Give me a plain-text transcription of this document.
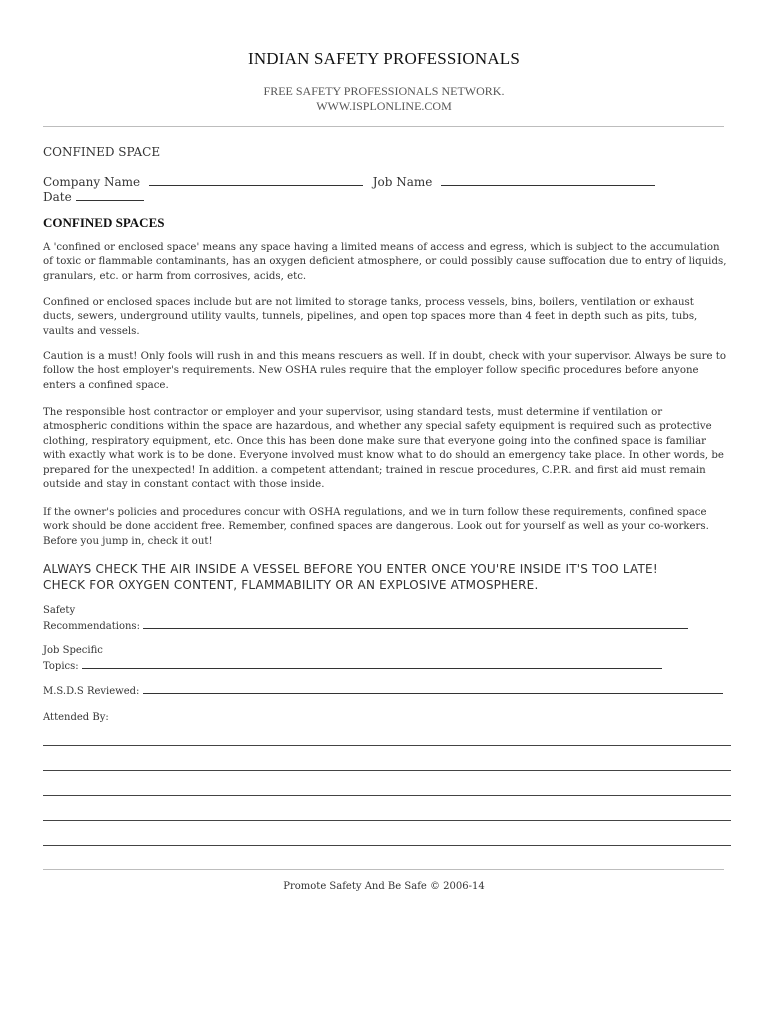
INDIAN SAFETY PROFESSIONALS
FREE SAFETY PROFESSIONALS NETWORK.
WWW.ISPLONLINE.COM
CONFINED SPACE
Company Name	Job Name
Date
CONFINED SPACES
A 'confined or enclosed space' means any space having a limited means of access and egress, which is subject to the accumulation of toxic or flammable contaminants, has an oxygen deficient atmosphere, or could possibly cause suffocation due to entry of liquids, granulars, etc. or harm from corrosives, acids, etc.
Confined or enclosed spaces include but are not limited to storage tanks, process vessels, bins, boilers, ventilation or exhaust ducts, sewers, underground utility vaults, tunnels, pipelines, and open top spaces more than 4 feet in depth such as pits, tubs, vaults and vessels.
Caution is a must! Only fools will rush in and this means rescuers as well. If in doubt, check with your supervisor. Always be sure to follow the host employer's requirements. New OSHA rules require that the employer follow specific procedures before anyone enters a confined space.
The responsible host contractor or employer and your supervisor, using standard tests, must determine if ventilation or atmospheric conditions within the space are hazardous, and whether any special safety equipment is required such as protective clothing, respiratory equipment, etc. Once this has been done make sure that everyone going into the confined space is familiar with exactly what work is to be done. Everyone involved must know what to do should an emergency take place. In other words, be prepared for the unexpected! In addition. a competent attendant; trained in rescue procedures, C.P.R. and first aid must remain outside and stay in constant contact with those inside.
If the owner's policies and procedures concur with OSHA regulations, and we in turn follow these requirements, confined space work should be done accident free. Remember, confined spaces are dangerous. Look out for yourself as well as your co-workers. Before you jump in, check it out!
ALWAYS CHECK THE AIR INSIDE A VESSEL BEFORE YOU ENTER ONCE YOU'RE INSIDE IT'S TOO LATE!
CHECK FOR OXYGEN CONTENT, FLAMMABILITY OR AN EXPLOSIVE ATMOSPHERE.
Safety
Recommendations:
Job Specific
Topics:
M.S.D.S Reviewed:
Attended By:
Promote Safety And Be Safe © 2006-14
